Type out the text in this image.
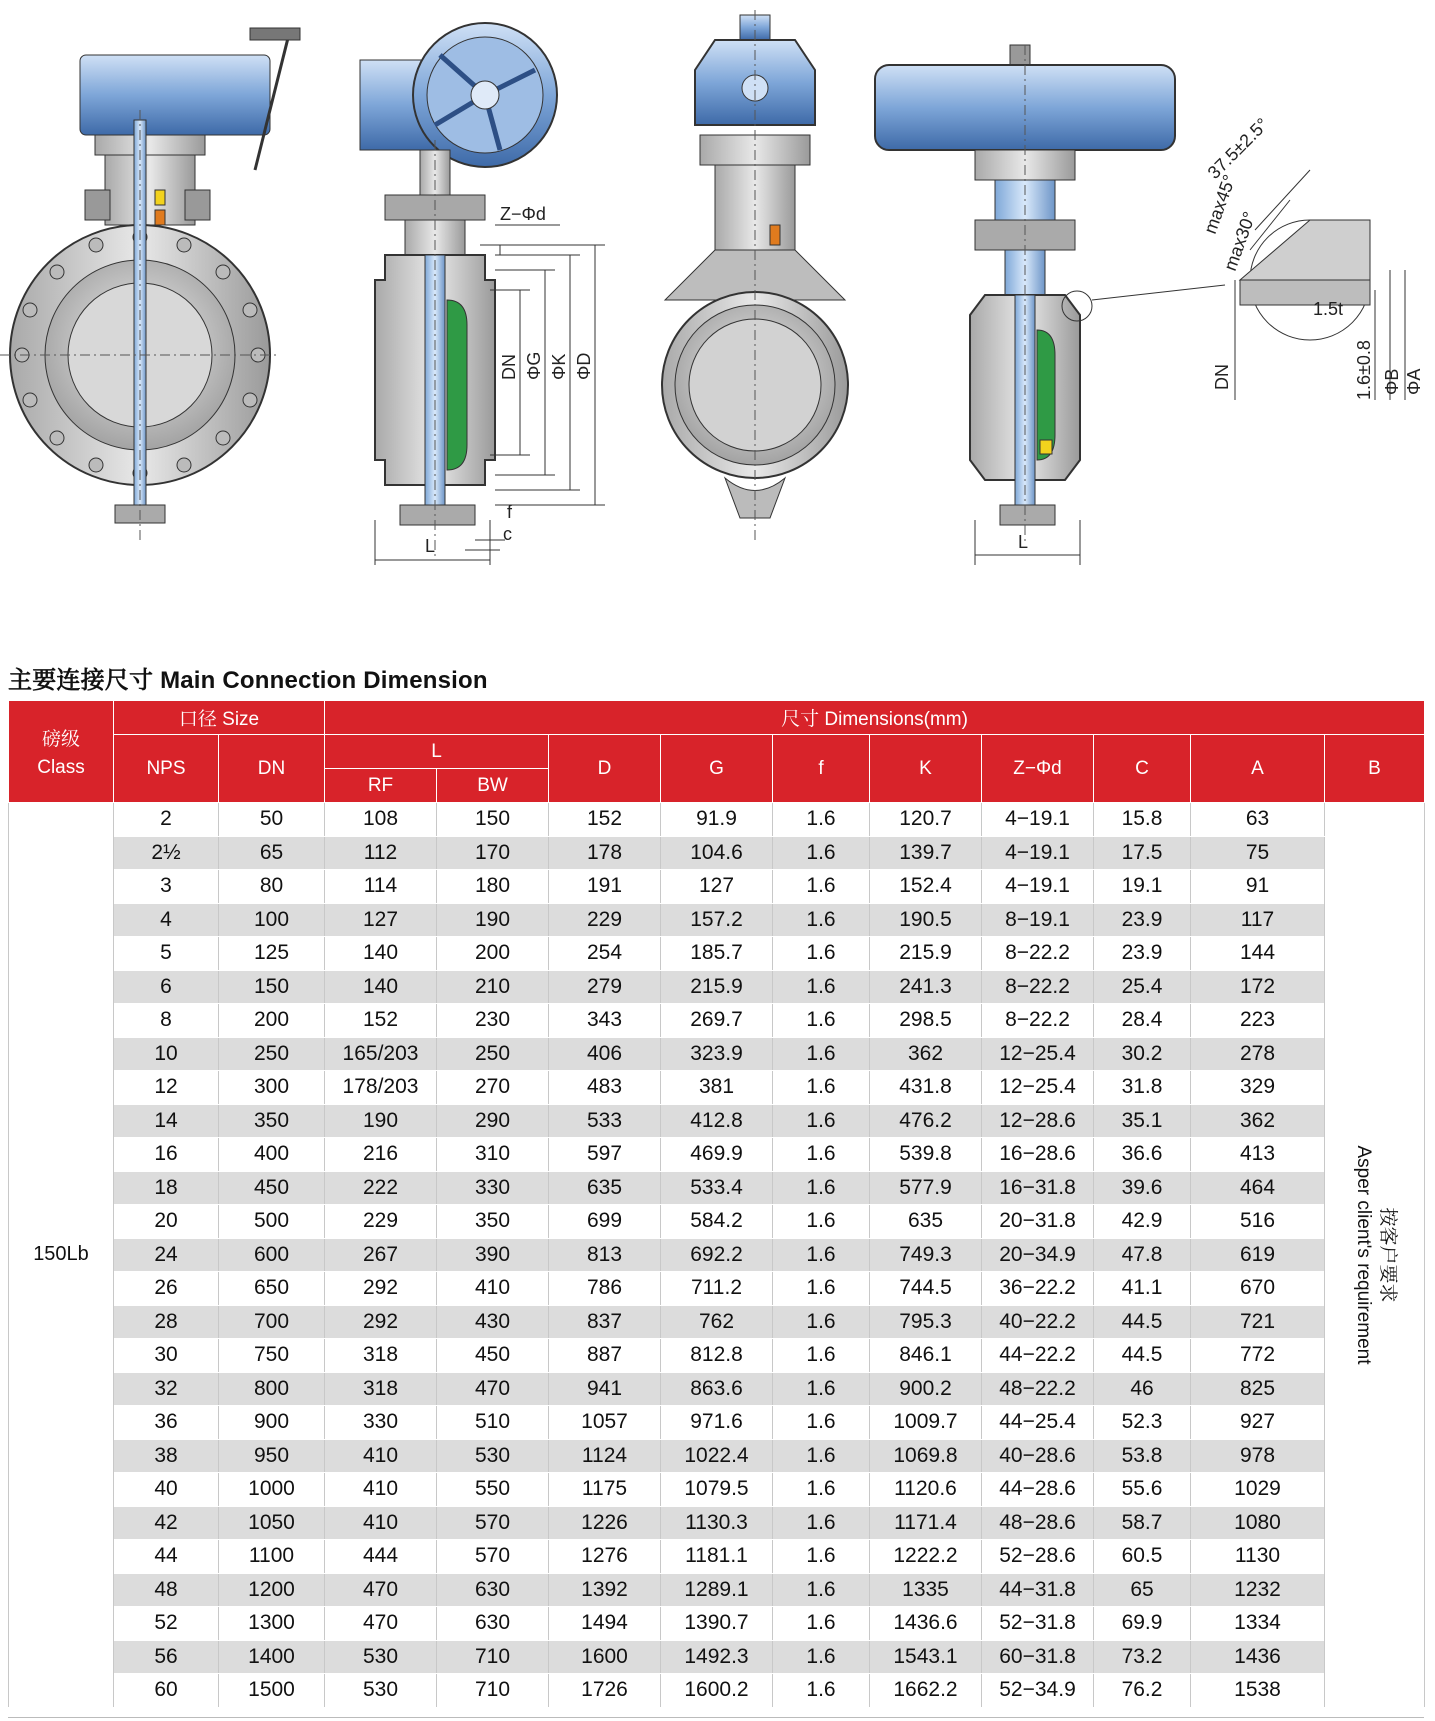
Z−Φd
DN ΦG ΦK ΦD
f
c
L	L
DN
37.5±2.5°
max45°
max30°
1.5t
1.6±0.8 ΦB ΦA
主要连接尺寸 Main Connection Dimension
磅级
Class	口径 Size		尺寸 Dimensions(mm)									
	NPS	DN	L		D	G	f	K	Z−Φd	C	A	B
			RF	BW								
150Lb	2	50	108	150	152	91.9	1.6	120.7	4−19.1	15.8	63	按客户要求
Asper client's requirement

	2½	65	112	170	178	104.6	1.6	139.7	4−19.1	17.5	75	
	3	80	114	180	191	127	1.6	152.4	4−19.1	19.1	91	
	4	100	127	190	229	157.2	1.6	190.5	8−19.1	23.9	117	
	5	125	140	200	254	185.7	1.6	215.9	8−22.2	23.9	144	
	6	150	140	210	279	215.9	1.6	241.3	8−22.2	25.4	172	
	8	200	152	230	343	269.7	1.6	298.5	8−22.2	28.4	223	
	10	250	165/203	250	406	323.9	1.6	362	12−25.4	30.2	278	
	12	300	178/203	270	483	381	1.6	431.8	12−25.4	31.8	329	
	14	350	190	290	533	412.8	1.6	476.2	12−28.6	35.1	362	
	16	400	216	310	597	469.9	1.6	539.8	16−28.6	36.6	413	
	18	450	222	330	635	533.4	1.6	577.9	16−31.8	39.6	464	
	20	500	229	350	699	584.2	1.6	635	20−31.8	42.9	516	
	24	600	267	390	813	692.2	1.6	749.3	20−34.9	47.8	619	
	26	650	292	410	786	711.2	1.6	744.5	36−22.2	41.1	670	
	28	700	292	430	837	762	1.6	795.3	40−22.2	44.5	721	
	30	750	318	450	887	812.8	1.6	846.1	44−22.2	44.5	772	
	32	800	318	470	941	863.6	1.6	900.2	48−22.2	46	825	
	36	900	330	510	1057	971.6	1.6	1009.7	44−25.4	52.3	927	
	38	950	410	530	1124	1022.4	1.6	1069.8	40−28.6	53.8	978	
	40	1000	410	550	1175	1079.5	1.6	1120.6	44−28.6	55.6	1029	
	42	1050	410	570	1226	1130.3	1.6	1171.4	48−28.6	58.7	1080	
	44	1100	444	570	1276	1181.1	1.6	1222.2	52−28.6	60.5	1130	
	48	1200	470	630	1392	1289.1	1.6	1335	44−31.8	65	1232	
	52	1300	470	630	1494	1390.7	1.6	1436.6	52−31.8	69.9	1334	
	56	1400	530	710	1600	1492.3	1.6	1543.1	60−31.8	73.2	1436	
	60	1500	530	710	1726	1600.2	1.6	1662.2	52−34.9	76.2	1538	
